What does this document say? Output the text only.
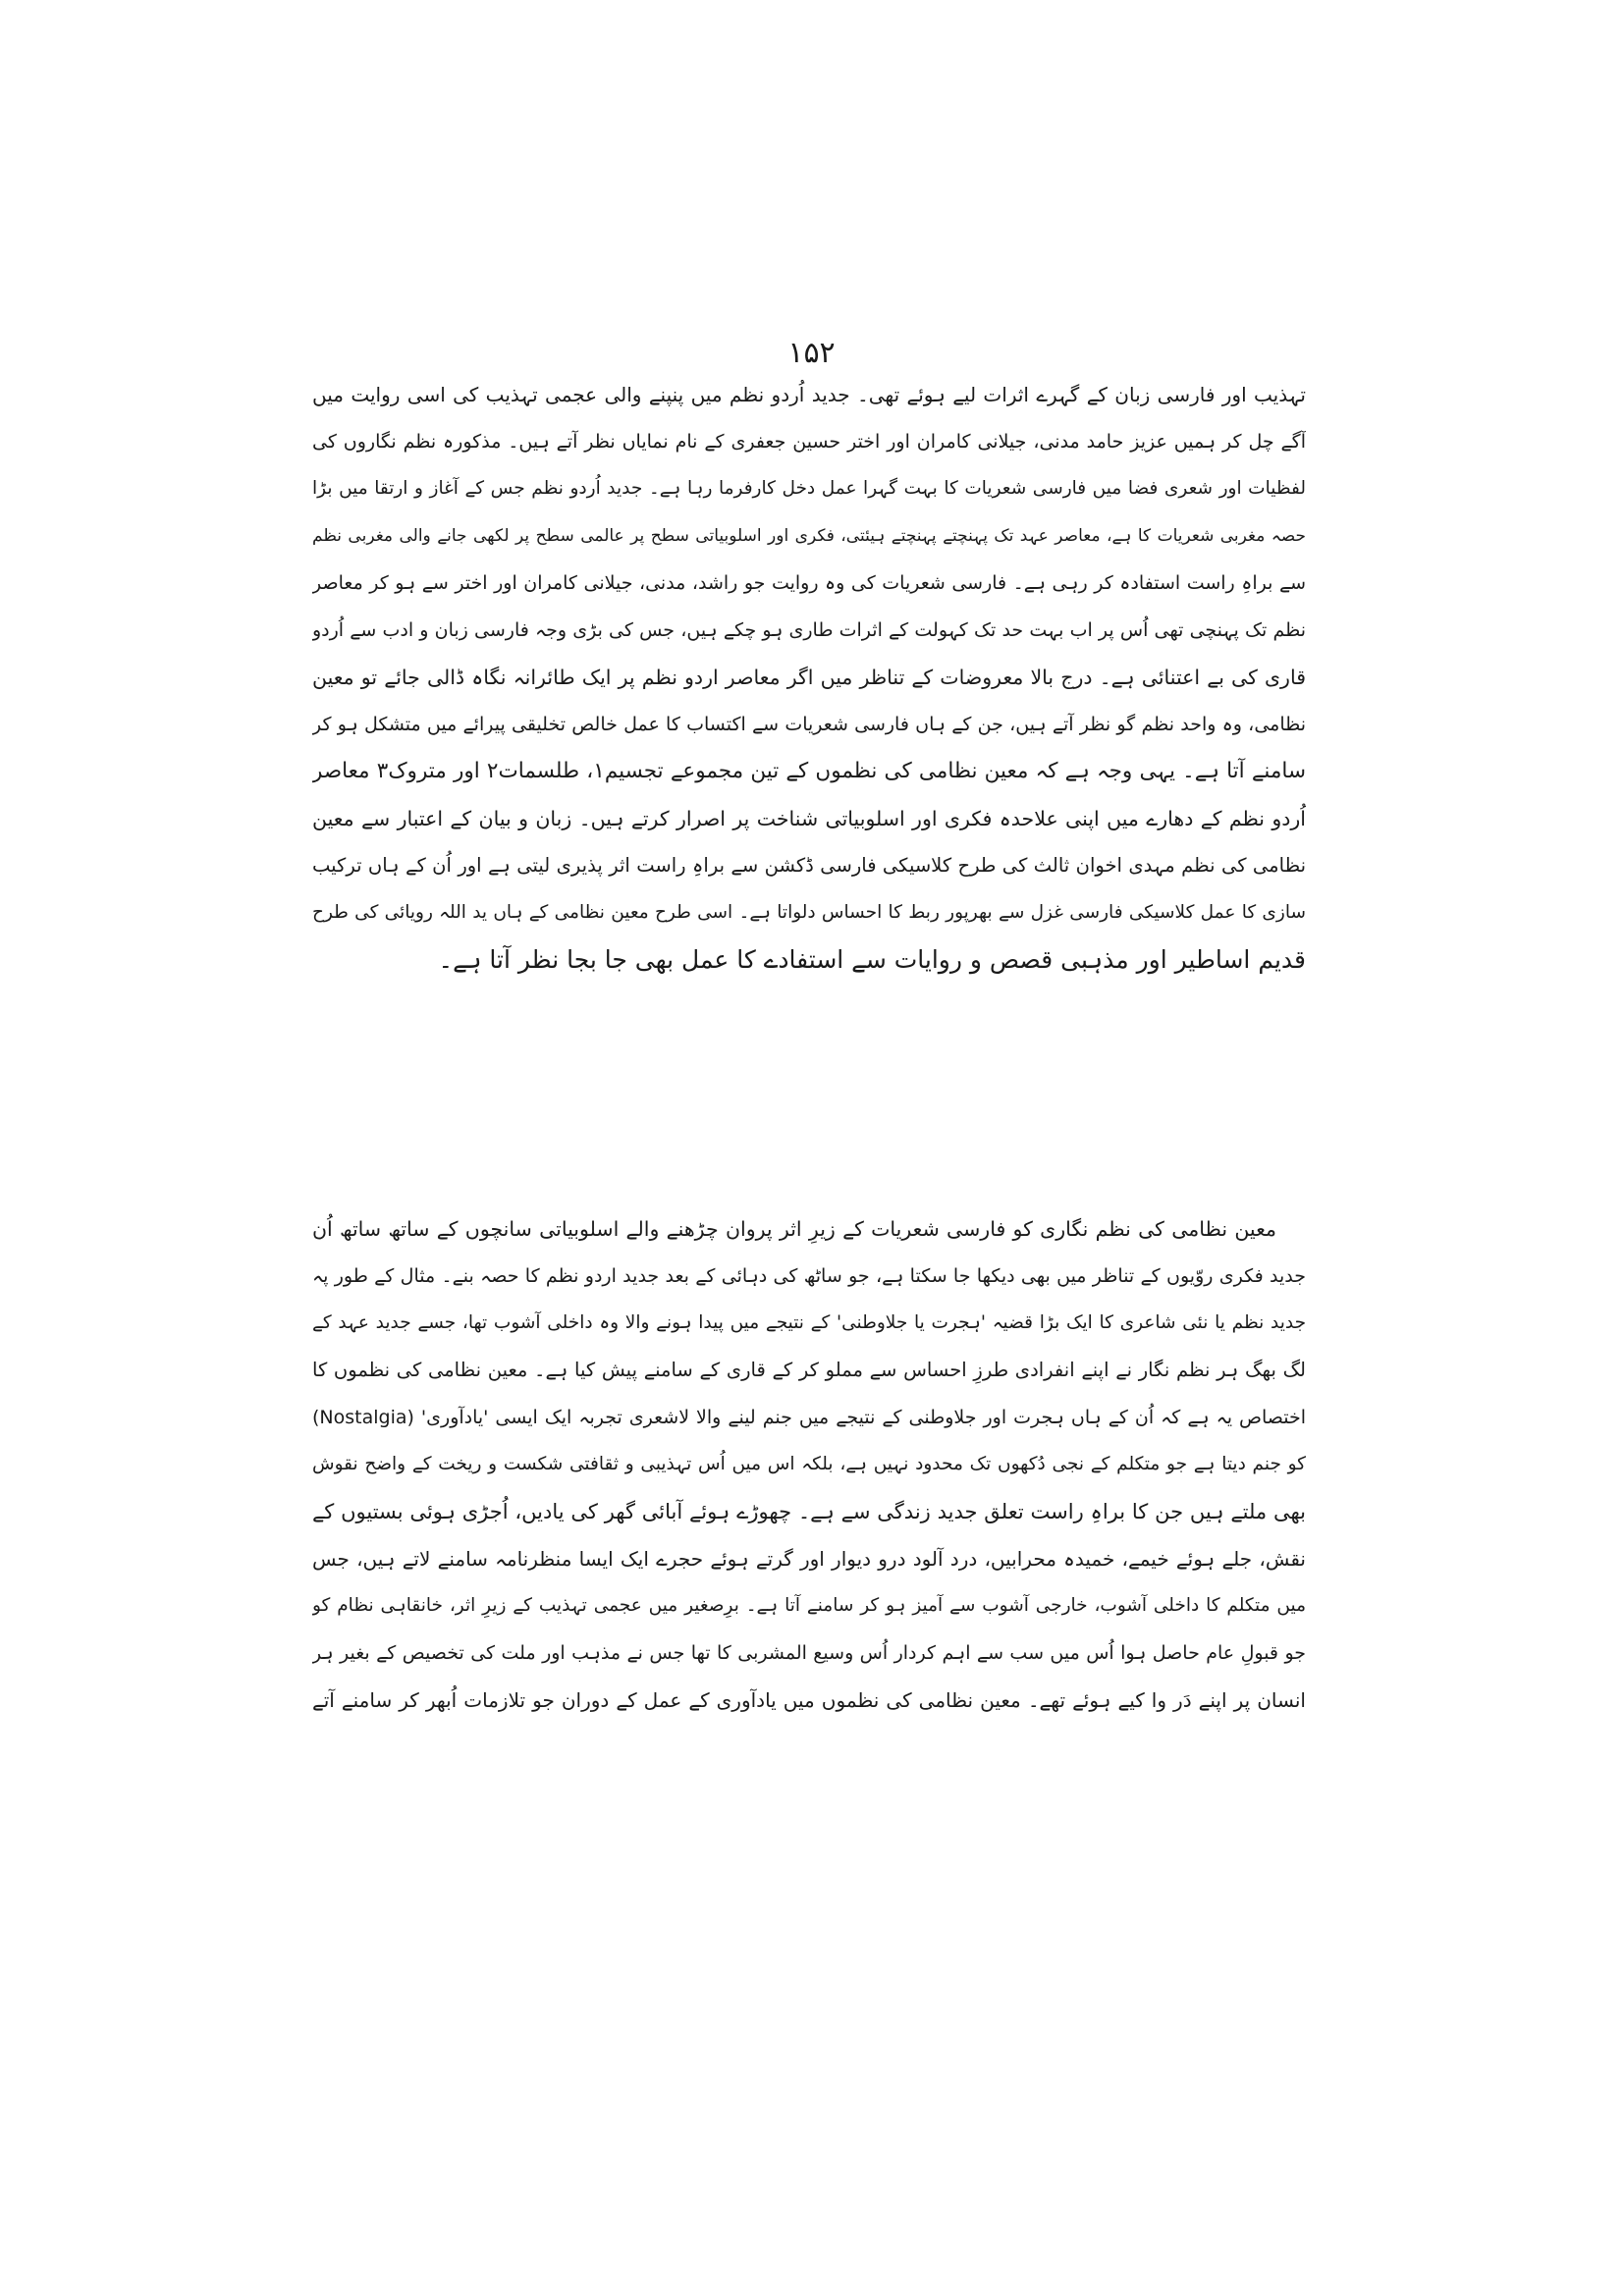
۱۵۲
تہذیب اور فارسی زبان کے گہرے اثرات لیے ہوئے تھی۔ جدید اُردو نظم میں پنپنے والی عجمی تہذیب کی اسی روایت میں
آگے چل کر ہمیں عزیز حامد مدنی، جیلانی کامران اور اختر حسین جعفری کے نام نمایاں نظر آتے ہیں۔ مذکورہ نظم نگاروں کی
لفظیات اور شعری فضا میں فارسی شعریات کا بہت گہرا عمل دخل کارفرما رہا ہے۔ جدید اُردو نظم جس کے آغاز و ارتقا میں بڑا
حصہ مغربی شعریات کا ہے، معاصر عہد تک پہنچتے پہنچتے ہیئتی، فکری اور اسلوبیاتی سطح پر عالمی سطح پر لکھی جانے والی مغربی نظم
سے براہِ راست استفادہ کر رہی ہے۔ فارسی شعریات کی وہ روایت جو راشد، مدنی، جیلانی کامران اور اختر سے ہو کر معاصر
نظم تک پہنچی تھی اُس پر اب بہت حد تک کہولت کے اثرات طاری ہو چکے ہیں، جس کی بڑی وجہ فارسی زبان و ادب سے اُردو
قاری کی بے اعتنائی ہے۔ درج بالا معروضات کے تناظر میں اگر معاصر اردو نظم پر ایک طائرانہ نگاہ ڈالی جائے تو معین
نظامی، وہ واحد نظم گو نظر آتے ہیں، جن کے ہاں فارسی شعریات سے اکتساب کا عمل خالص تخلیقی پیرائے میں متشکل ہو کر
سامنے آتا ہے۔ یہی وجہ ہے کہ معین نظامی کی نظموں کے تین مجموعے تجسیم۱، طلسمات۲ اور متروک۳ معاصر
اُردو نظم کے دھارے میں اپنی علاحدہ فکری اور اسلوبیاتی شناخت پر اصرار کرتے ہیں۔ زبان و بیان کے اعتبار سے معین
نظامی کی نظم مہدی اخوان ثالث کی طرح کلاسیکی فارسی ڈکشن سے براہِ راست اثر پذیری لیتی ہے اور اُن کے ہاں ترکیب
سازی کا عمل کلاسیکی فارسی غزل سے بھرپور ربط کا احساس دلواتا ہے۔ اسی طرح معین نظامی کے ہاں ید اللہ رویائی کی طرح
قدیم اساطیر اور مذہبی قصص و روایات سے استفادے کا عمل بھی جا بجا نظر آتا ہے۔
معین نظامی کی نظم نگاری کو فارسی شعریات کے زیرِ اثر پروان چڑھنے والے اسلوبیاتی سانچوں کے ساتھ ساتھ اُن
جدید فکری روّیوں کے تناظر میں بھی دیکھا جا سکتا ہے، جو ساٹھ کی دہائی کے بعد جدید اردو نظم کا حصہ بنے۔ مثال کے طور پہ
جدید نظم یا نئی شاعری کا ایک بڑا قضیہ 'ہجرت یا جلاوطنی' کے نتیجے میں پیدا ہونے والا وہ داخلی آشوب تھا، جسے جدید عہد کے
لگ بھگ ہر نظم نگار نے اپنے انفرادی طرزِ احساس سے مملو کر کے قاری کے سامنے پیش کیا ہے۔ معین نظامی کی نظموں کا
اختصاص یہ ہے کہ اُن کے ہاں ہجرت اور جلاوطنی کے نتیجے میں جنم لینے والا لاشعری تجربہ ایک ایسی 'یادآوری' (Nostalgia)
کو جنم دیتا ہے جو متکلم کے نجی دُکھوں تک محدود نہیں ہے، بلکہ اس میں اُس تہذیبی و ثقافتی شکست و ریخت کے واضح نقوش
بھی ملتے ہیں جن کا براہِ راست تعلق جدید زندگی سے ہے۔ چھوڑے ہوئے آبائی گھر کی یادیں، اُجڑی ہوئی بستیوں کے
نقش، جلے ہوئے خیمے، خمیدہ محرابیں، درد آلود درو دیوار اور گرتے ہوئے حجرے ایک ایسا منظرنامہ سامنے لاتے ہیں، جس
میں متکلم کا داخلی آشوب، خارجی آشوب سے آمیز ہو کر سامنے آتا ہے۔ برِصغیر میں عجمی تہذیب کے زیرِ اثر، خانقاہی نظام کو
جو قبولِ عام حاصل ہوا اُس میں سب سے اہم کردار اُس وسیع المشربی کا تھا جس نے مذہب اور ملت کی تخصیص کے بغیر ہر
انسان پر اپنے دَر وا کیے ہوئے تھے۔ معین نظامی کی نظموں میں یادآوری کے عمل کے دوران جو تلازمات اُبھر کر سامنے آتے
